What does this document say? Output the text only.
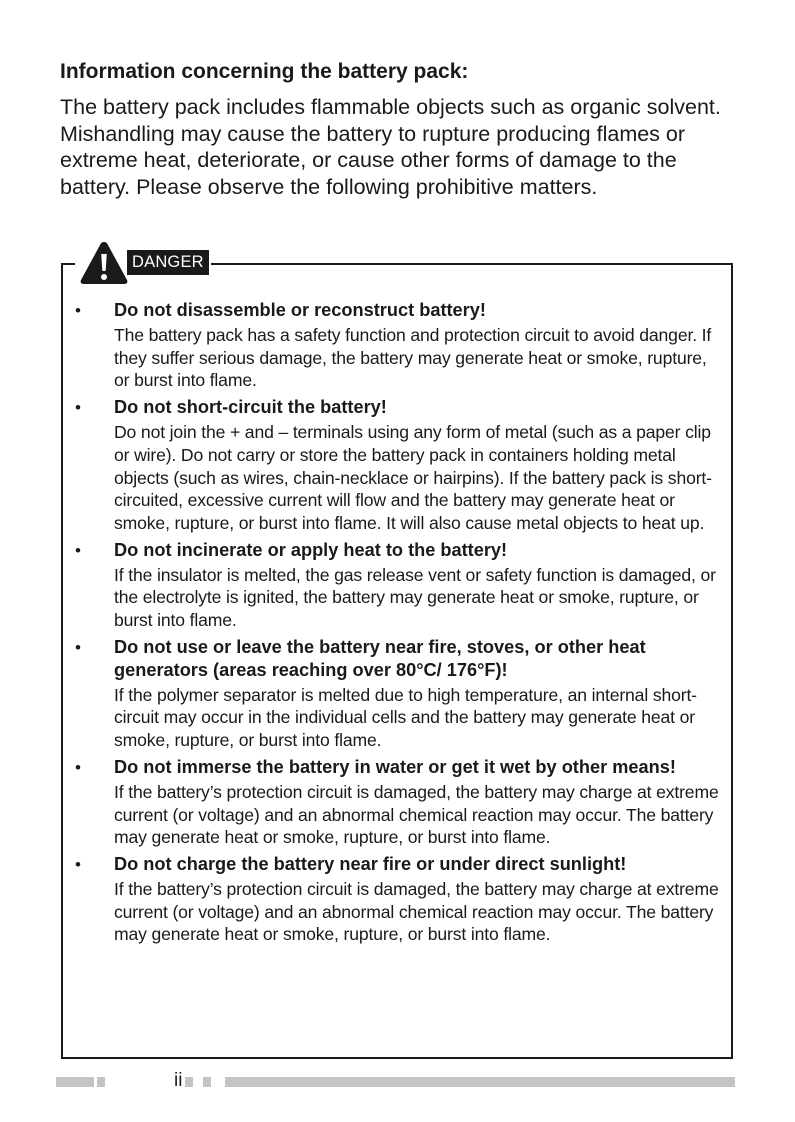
Information concerning the battery pack:

The battery pack includes flammable objects such as organic solvent. Mishandling may cause the battery to rupture producing flames or extreme heat, deteriorate, or cause other forms of damage to the battery. Please observe the following prohibitive matters.

DANGER
• Do not disassemble or reconstruct battery!

The battery pack has a safety function and protection circuit to avoid danger. If they suffer serious damage, the battery may generate heat or smoke, rupture, or burst into flame.

• Do not short-circuit the battery!

Do not join the + and – terminals using any form of metal (such as a paper clip or wire). Do not carry or store the battery pack in containers holding metal objects (such as wires, chain-necklace or hairpins). If the battery pack is short-circuited, excessive current will flow and the battery may generate heat or smoke, rupture, or burst into flame. It will also cause metal objects to heat up.

• Do not incinerate or apply heat to the battery!

If the insulator is melted, the gas release vent or safety function is damaged, or the electrolyte is ignited, the battery may generate heat or smoke, rupture, or burst into flame.

• Do not use or leave the battery near fire, stoves, or other heat generators (areas reaching over 80°C/ 176°F)!

If the polymer separator is melted due to high temperature, an internal short-circuit may occur in the individual cells and the battery may generate heat or smoke, rupture, or burst into flame.

• Do not immerse the battery in water or get it wet by other means!

If the battery’s protection circuit is damaged, the battery may charge at extreme current (or voltage) and an abnormal chemical reaction may occur. The battery may generate heat or smoke, rupture, or burst into flame.

• Do not charge the battery near fire or under direct sunlight!

If the battery’s protection circuit is damaged, the battery may charge at extreme current (or voltage) and an abnormal chemical reaction may occur. The battery may generate heat or smoke, rupture, or burst into flame.

ii
